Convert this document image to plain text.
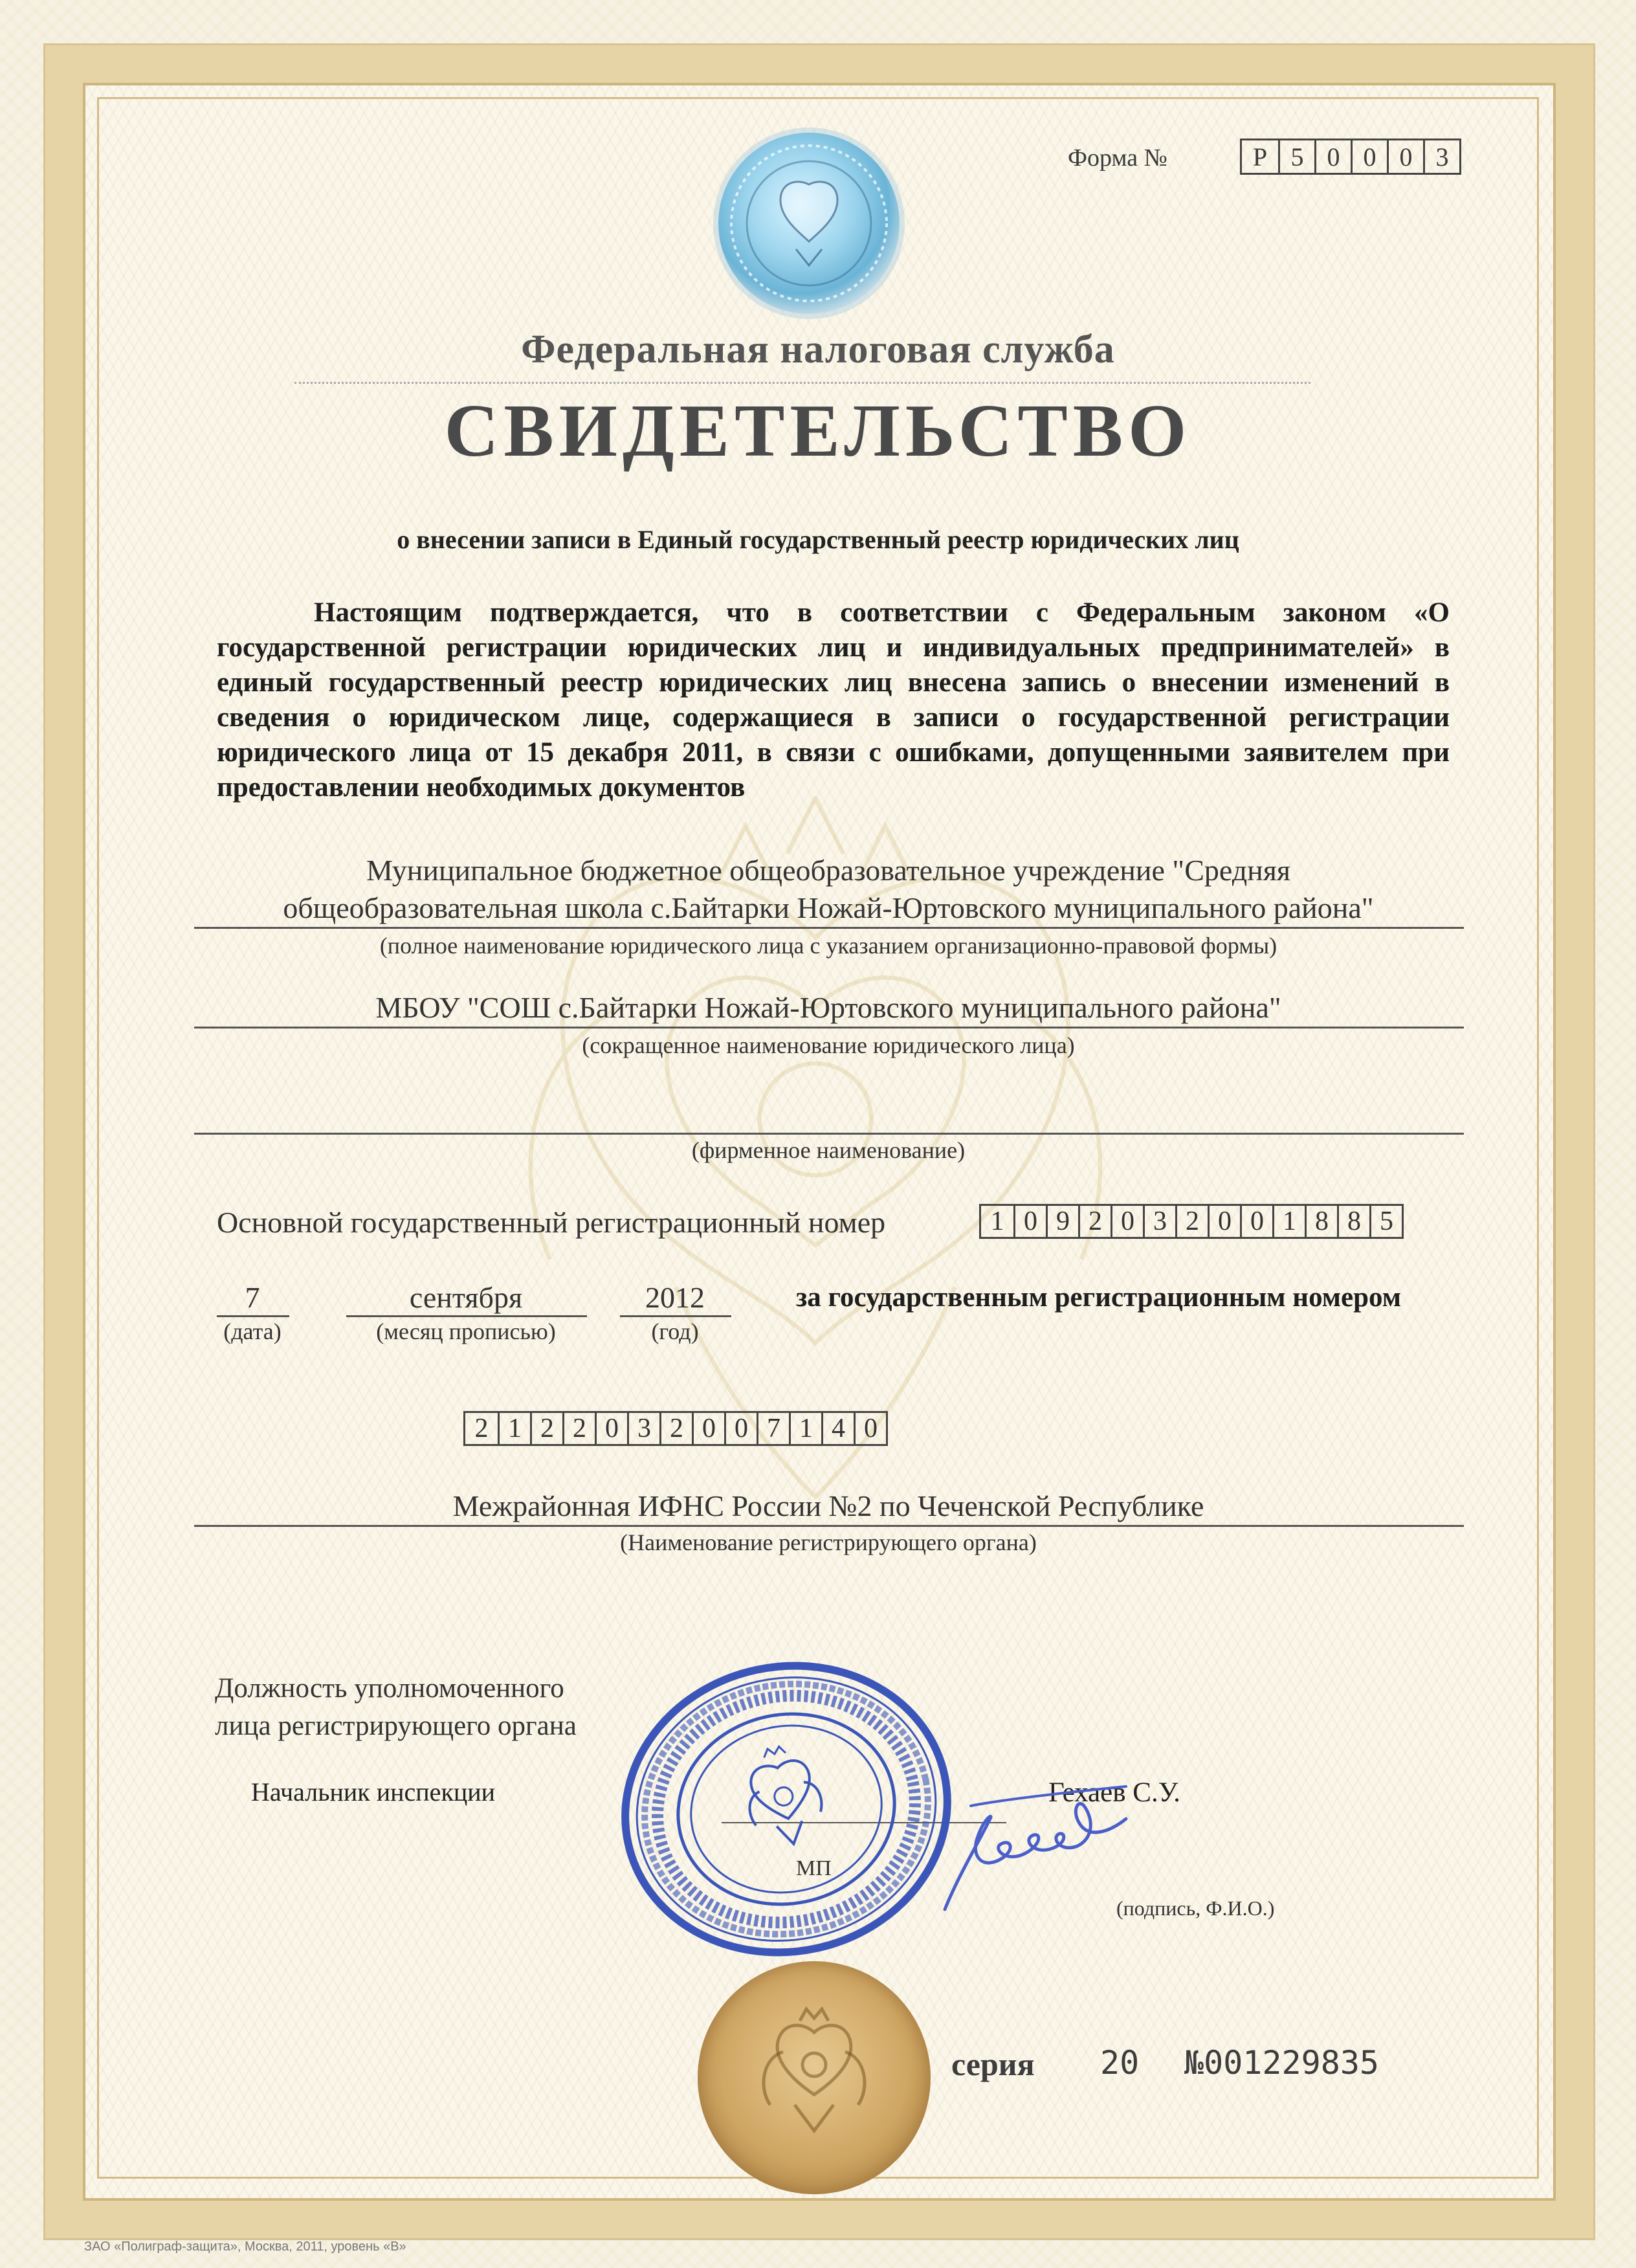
Форма №	Р 5 0 0 0 3
Федеральная налоговая служба
СВИДЕТЕЛЬСТВО
о внесении записи в Единый государственный реестр юридических лиц
Настоящим подтверждается, что в соответствии с Федеральным законом «О государственной регистрации юридических лиц и индивидуальных предпринимателей» в единый государственный реестр юридических лиц внесена запись о внесении изменений в сведения о юридическом лице, содержащиеся в записи о государственной регистрации юридического лица от 15 декабря 2011, в связи с ошибками, допущенными заявителем при предоставлении необходимых документов
Муниципальное бюджетное общеобразовательное учреждение "Средняя
общеобразовательная школа с.Байтарки Ножай-Юртовского муниципального района"
(полное наименование юридического лица с указанием организационно-правовой формы)
МБОУ "СОШ с.Байтарки Ножай-Юртовского муниципального района"
(сокращенное наименование юридического лица)
(фирменное наименование)
Основной государственный регистрационный номер	1 0 9 2 0 3 2 0 0 1 8 8 5
7
(дата)
сентября
(месяц прописью)
2012
(год)
за государственным регистрационным номером
2 1 2 2 0 3 2 0 0 7 1 4 0
Межрайонная ИФНС России №2 по Чеченской Республике
(Наименование регистрирующего органа)
Должность уполномоченного
лица регистрирующего органа
Начальник инспекции	Гехаев С.У.
МП
(подпись, Ф.И.О.)
серия 20 №001229835
ЗАО «Полиграф-защита», Москва, 2011, уровень «В»
